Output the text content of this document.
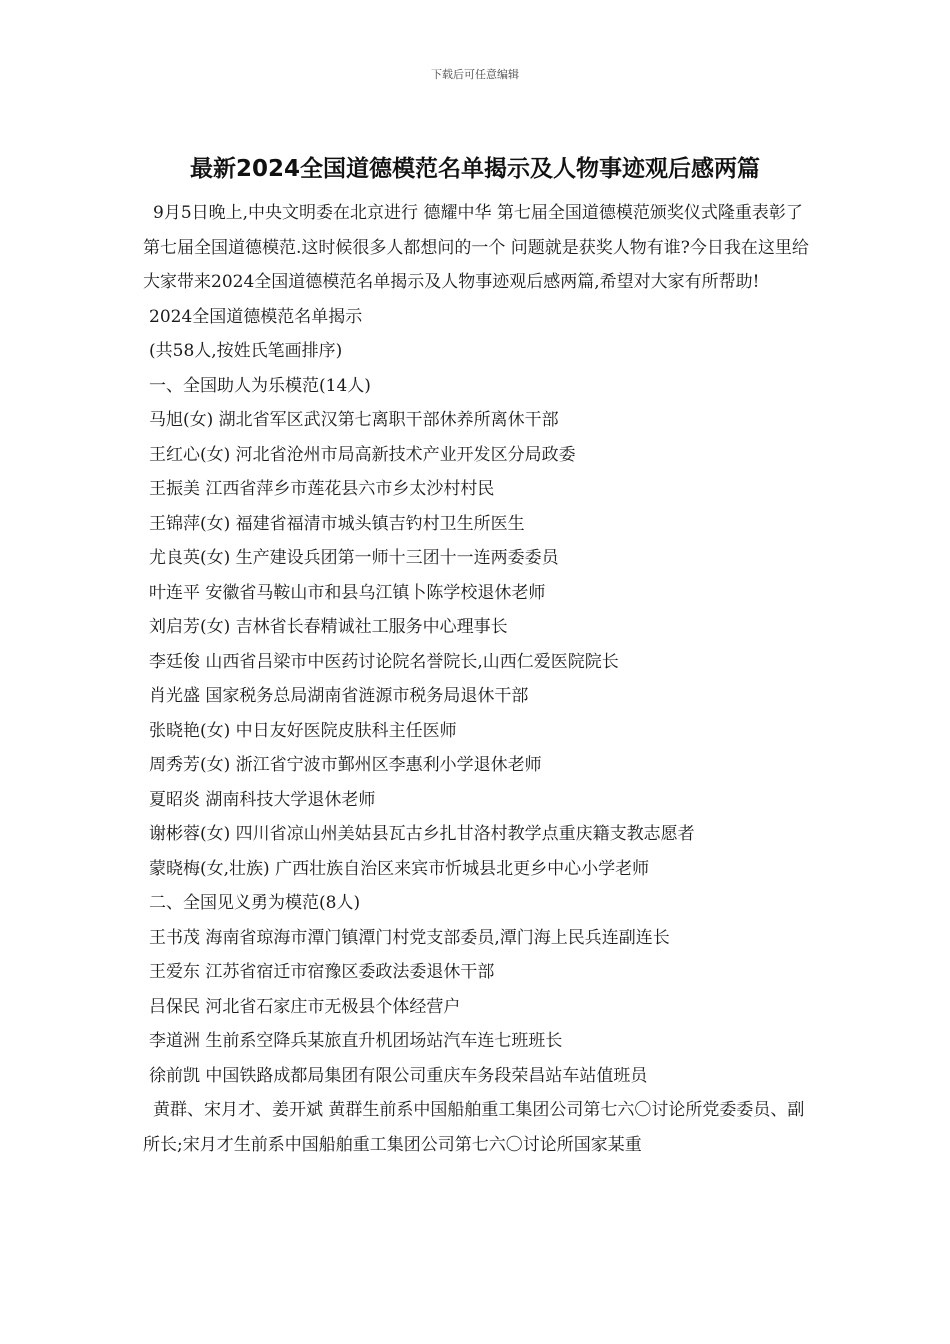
下载后可任意编辑
最新2024全国道德模范名单揭示及人物事迹观后感两篇

9月5日晚上,中央文明委在北京进行 德耀中华 第七届全国道德模范颁奖仪式隆重表彰了第七届全国道德模范.这时候很多人都想问的一个 问题就是获奖人物有谁?今日我在这里给大家带来2024全国道德模范名单揭示及人物事迹观后感两篇,希望对大家有所帮助!

2024全国道德模范名单揭示
(共58人,按姓氏笔画排序)
一、全国助人为乐模范(14人)
马旭(女) 湖北省军区武汉第七离职干部休养所离休干部
王红心(女) 河北省沧州市局高新技术产业开发区分局政委
王振美 江西省萍乡市莲花县六市乡太沙村村民
王锦萍(女) 福建省福清市城头镇吉钓村卫生所医生
尤良英(女) 生产建设兵团第一师十三团十一连两委委员
叶连平 安徽省马鞍山市和县乌江镇卜陈学校退休老师
刘启芳(女) 吉林省长春精诚社工服务中心理事长
李廷俊 山西省吕梁市中医药讨论院名誉院长,山西仁爱医院院长
肖光盛 国家税务总局湖南省涟源市税务局退休干部
张晓艳(女) 中日友好医院皮肤科主任医师
周秀芳(女) 浙江省宁波市鄞州区李惠利小学退休老师
夏昭炎 湖南科技大学退休老师
谢彬蓉(女) 四川省凉山州美姑县瓦古乡扎甘洛村教学点重庆籍支教志愿者
蒙晓梅(女,壮族) 广西壮族自治区来宾市忻城县北更乡中心小学老师
二、全国见义勇为模范(8人)
王书茂 海南省琼海市潭门镇潭门村党支部委员,潭门海上民兵连副连长
王爱东 江苏省宿迁市宿豫区委政法委退休干部
吕保民 河北省石家庄市无极县个体经营户
李道洲 生前系空降兵某旅直升机团场站汽车连七班班长
徐前凯 中国铁路成都局集团有限公司重庆车务段荣昌站车站值班员

黄群、宋月才、姜开斌 黄群生前系中国船舶重工集团公司第七六〇讨论所党委委员、副所长;宋月才生前系中国船舶重工集团公司第七六〇讨论所国家某重
